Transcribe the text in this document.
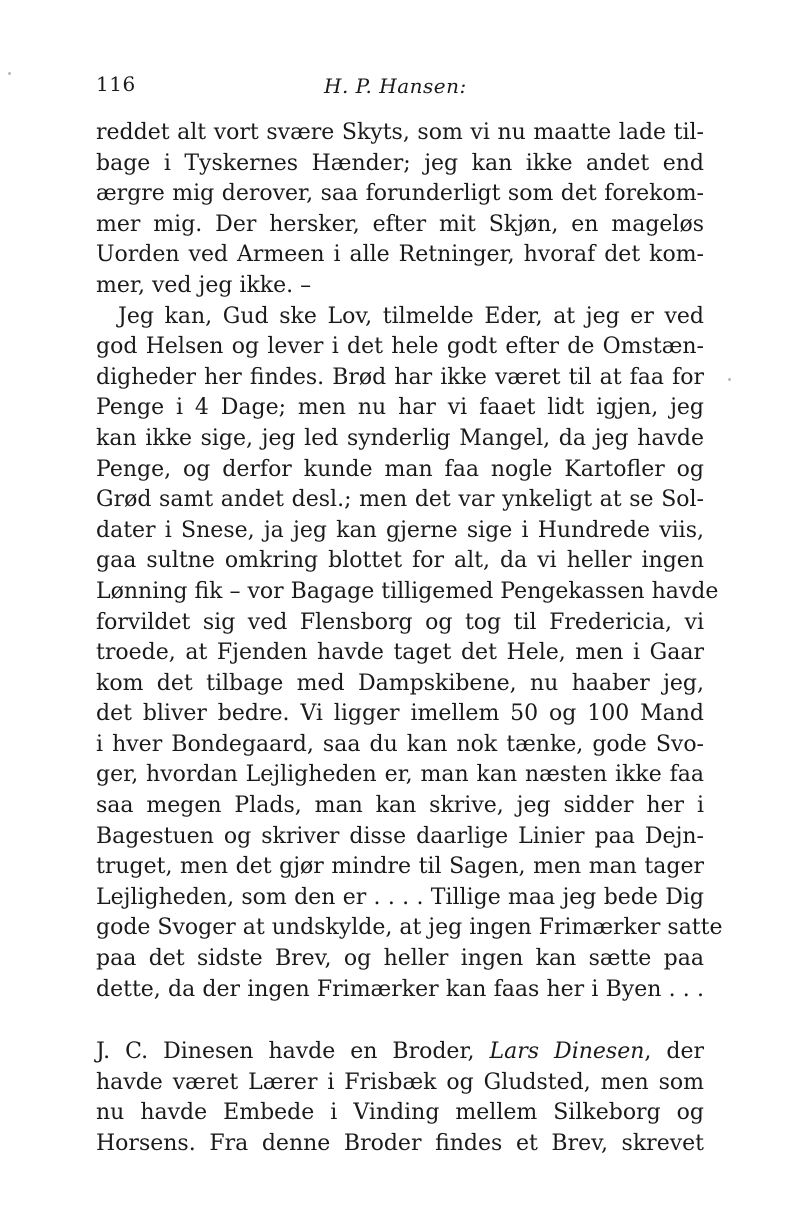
116	H. P. Hansen:
reddet alt vort svære Skyts, som vi nu maatte lade til‐
bage i Tyskernes Hænder; jeg kan ikke andet end
ærgre mig derover, saa forunderligt som det forekom‐
mer mig. Der hersker, efter mit Skjøn, en mageløs
Uorden ved Armeen i alle Retninger, hvoraf det kom‐
mer, ved jeg ikke. –
Jeg kan, Gud ske Lov, tilmelde Eder, at jeg er ved
god Helsen og lever i det hele godt efter de Omstæn‐
digheder her findes. Brød har ikke været til at faa for
Penge i 4 Dage; men nu har vi faaet lidt igjen, jeg
kan ikke sige, jeg led synderlig Mangel, da jeg havde
Penge, og derfor kunde man faa nogle Kartofler og
Grød samt andet desl.; men det var ynkeligt at se Sol‐
dater i Snese, ja jeg kan gjerne sige i Hundrede viis,
gaa sultne omkring blottet for alt, da vi heller ingen
Lønning fik – vor Bagage tilligemed Pengekassen havde
forvildet sig ved Flensborg og tog til Fredericia, vi
troede, at Fjenden havde taget det Hele, men i Gaar
kom det tilbage med Dampskibene, nu haaber jeg,
det bliver bedre. Vi ligger imellem 50 og 100 Mand
i hver Bondegaard, saa du kan nok tænke, gode Svo‐
ger, hvordan Lejligheden er, man kan næsten ikke faa
saa megen Plads, man kan skrive, jeg sidder her i
Bagestuen og skriver disse daarlige Linier paa Dejn‐
truget, men det gjør mindre til Sagen, men man tager
Lejligheden, som den er . . . . Tillige maa jeg bede Dig
gode Svoger at undskylde, at jeg ingen Frimærker satte
paa det sidste Brev, og heller ingen kan sætte paa
dette, da der ingen Frimærker kan faas her i Byen . . .
J. C. Dinesen havde en Broder, Lars Dinesen, der
havde været Lærer i Frisbæk og Gludsted, men som
nu havde Embede i Vinding mellem Silkeborg og
Horsens. Fra denne Broder findes et Brev, skrevet
